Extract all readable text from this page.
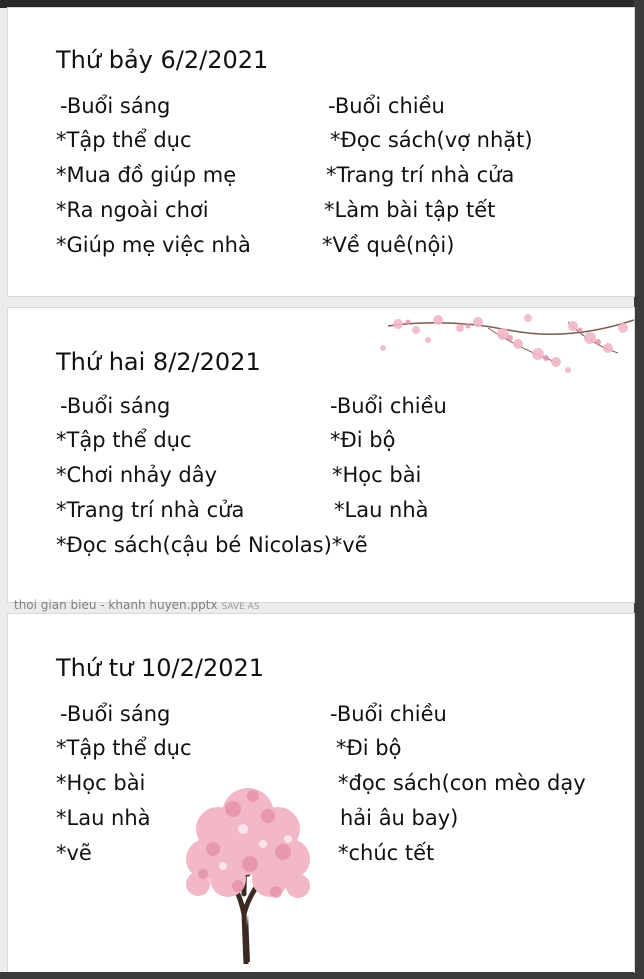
Thứ bảy 6/2/2021
-Buổi sáng
*Tập thể dục
*Mua đồ giúp mẹ
*Ra ngoài chơi
*Giúp mẹ việc nhà
-Buổi chiều
*Đọc sách(vợ nhặt)
*Trang trí nhà cửa
*Làm bài tập tết
*Về quê(nội)
Thứ hai 8/2/2021
-Buổi sáng
*Tập thể dục
*Chơi nhảy dây
*Trang trí nhà cửa
*Đọc sách(cậu bé Nicolas)*vẽ
-Buổi chiều
*Đi bộ
*Học bài
*Lau nhà
thoi gian bieu - khanh huyen.pptx SAVE AS
Thứ tư 10/2/2021
-Buổi sáng
*Tập thể dục
*Học bài
*Lau nhà
*vẽ
-Buổi chiều
*Đi bộ
*đọc sách(con mèo dạy
hải âu bay)
*chúc tết
